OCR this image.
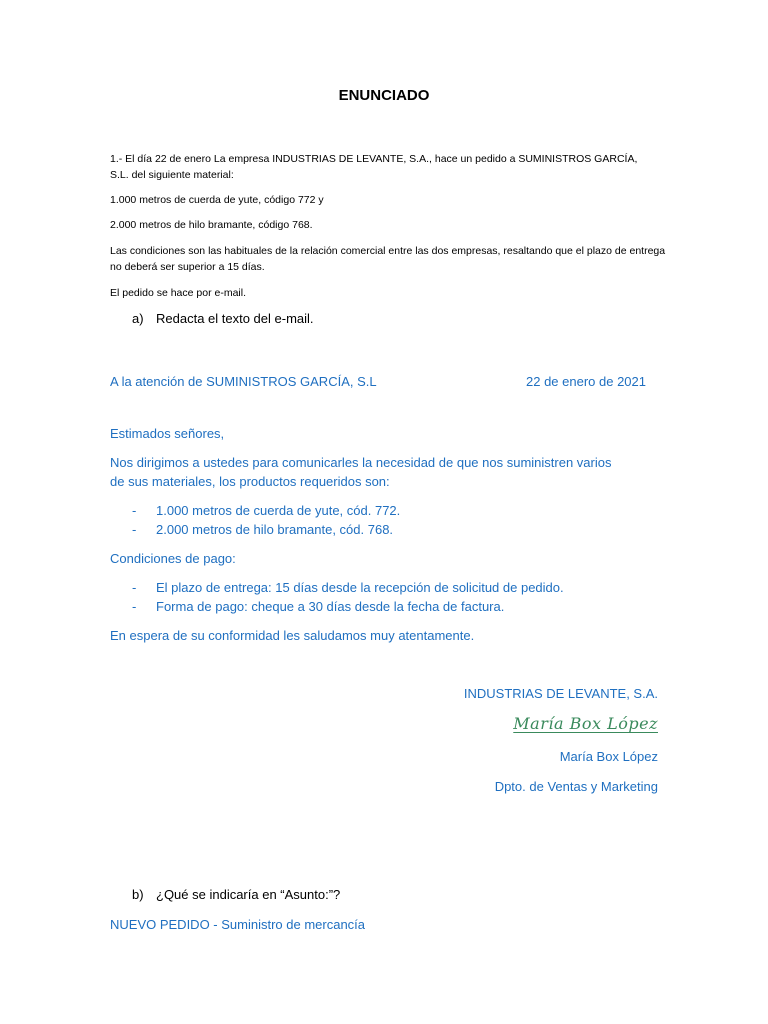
ENUNCIADO
1.- El día 22 de enero La empresa INDUSTRIAS DE LEVANTE, S.A., hace un pedido a SUMINISTROS GARCÍA, S.L. del siguiente material:
1.000 metros de cuerda de yute, código 772 y
2.000 metros de hilo bramante, código 768.
Las condiciones son las habituales de la relación comercial entre las dos empresas, resaltando que el plazo de entrega no deberá ser superior a 15 días.
El pedido se hace por e-mail.
a) Redacta el texto del e-mail.
A la atención de SUMINISTROS GARCÍA, S.L	22 de enero de 2021
Estimados señores,
Nos dirigimos a ustedes para comunicarles la necesidad de que nos suministren varios
de sus materiales, los productos requeridos son:
- 1.000 metros de cuerda de yute, cód. 772.
- 2.000 metros de hilo bramante, cód. 768.
Condiciones de pago:
- El plazo de entrega: 15 días desde la recepción de solicitud de pedido.
- Forma de pago: cheque a 30 días desde la fecha de factura.
En espera de su conformidad les saludamos muy atentamente.
INDUSTRIAS DE LEVANTE, S.A.
María Box López
María Box López
Dpto. de Ventas y Marketing
b) ¿Qué se indicaría en “Asunto:”?
NUEVO PEDIDO - Suministro de mercancía
